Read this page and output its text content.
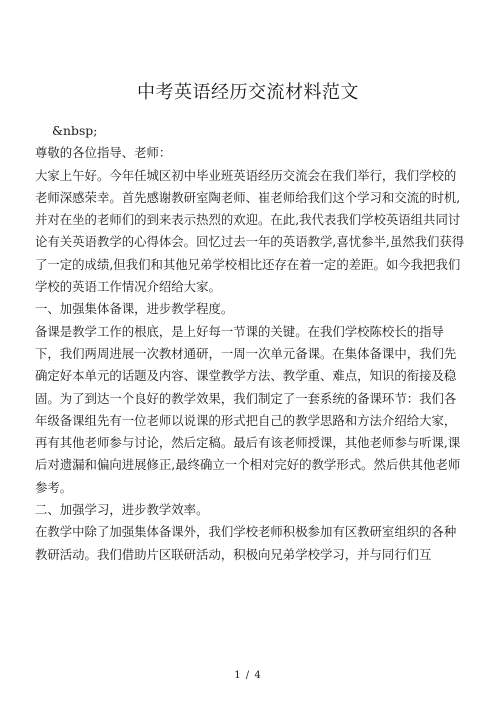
中考英语经历交流材料范文

&nbsp;

尊敬的各位指导、老师：

大家上午好。今年任城区初中毕业班英语经历交流会在我们举行，我们学校的老师深感荣幸。首先感谢教研室陶老师、崔老师给我们这个学习和交流的时机,并对在坐的老师们的到来表示热烈的欢迎。在此,我代表我们学校英语组共同讨论有关英语教学的心得体会。回忆过去一年的英语教学,喜忧参半,虽然我们获得了一定的成绩,但我们和其他兄弟学校相比还存在着一定的差距。如今我把我们学校的英语工作情况介绍给大家。

一、加强集体备课，进步教学程度。

备课是教学工作的根底，是上好每一节课的关键。在我们学校陈校长的指导下，我们两周进展一次教材通研，一周一次单元备课。在集体备课中，我们先确定好本单元的话题及内容、课堂教学方法、教学重、难点，知识的衔接及稳固。为了到达一个良好的教学效果，我们制定了一套系统的备课环节：我们各年级备课组先有一位老师以说课的形式把自己的教学思路和方法介绍给大家，再有其他老师参与讨论，然后定稿。最后有该老师授课，其他老师参与听课,课后对遗漏和偏向进展修正,最终确立一个相对完好的教学形式。然后供其他老师参考。

二、加强学习，进步教学效率。

在教学中除了加强集体备课外，我们学校老师积极参加有区教研室组织的各种教研活动。我们借助片区联研活动，积极向兄弟学校学习，并与同行们互

1 / 4
